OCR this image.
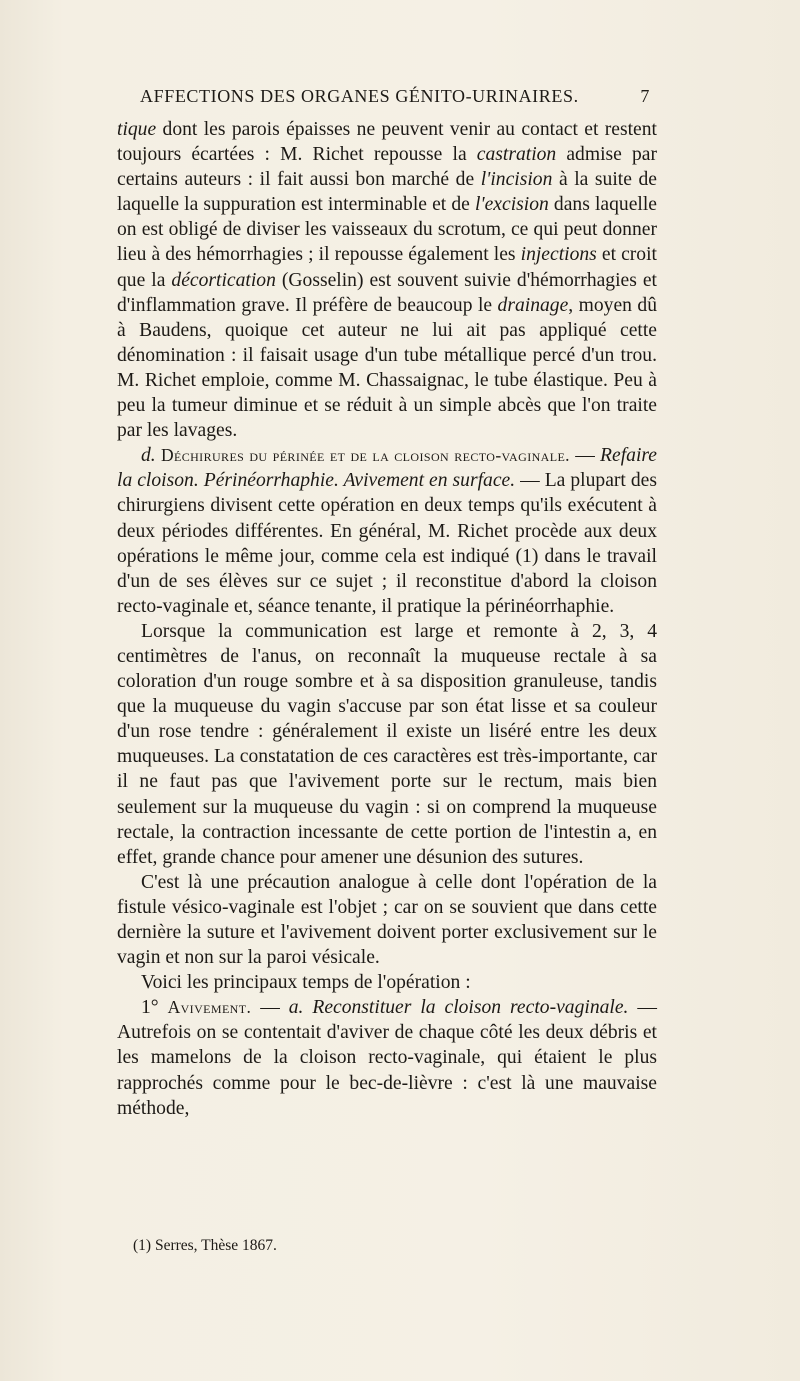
AFFECTIONS DES ORGANES GÉNITO-URINAIRES.	7

tique dont les parois épaisses ne peuvent venir au contact et restent toujours écartées : M. Richet repousse la castration admise par certains auteurs : il fait aussi bon marché de l'incision à la suite de laquelle la suppuration est interminable et de l'excision dans laquelle on est obligé de diviser les vaisseaux du scrotum, ce qui peut donner lieu à des hémorrhagies ; il repousse également les injections et croit que la décortication (Gosselin) est souvent suivie d'hémorrhagies et d'inflammation grave. Il préfère de beaucoup le drainage, moyen dû à Baudens, quoique cet auteur ne lui ait pas appliqué cette dénomination : il faisait usage d'un tube métallique percé d'un trou. M. Richet emploie, comme M. Chassaignac, le tube élastique. Peu à peu la tumeur diminue et se réduit à un simple abcès que l'on traite par les lavages.

d. Déchirures du périnée et de la cloison recto-vaginale. — Refaire la cloison. Périnéorrhaphie. Avivement en surface. — La plupart des chirurgiens divisent cette opération en deux temps qu'ils exécutent à deux périodes différentes. En général, M. Richet procède aux deux opérations le même jour, comme cela est indiqué (1) dans le travail d'un de ses élèves sur ce sujet ; il reconstitue d'abord la cloison recto-vaginale et, séance tenante, il pratique la périnéorrhaphie.

Lorsque la communication est large et remonte à 2, 3, 4 centimètres de l'anus, on reconnaît la muqueuse rectale à sa coloration d'un rouge sombre et à sa disposition granuleuse, tandis que la muqueuse du vagin s'accuse par son état lisse et sa couleur d'un rose tendre : généralement il existe un liséré entre les deux muqueuses. La constatation de ces caractères est très-importante, car il ne faut pas que l'avivement porte sur le rectum, mais bien seulement sur la muqueuse du vagin : si on comprend la muqueuse rectale, la contraction incessante de cette portion de l'intestin a, en effet, grande chance pour amener une désunion des sutures.

C'est là une précaution analogue à celle dont l'opération de la fistule vésico-vaginale est l'objet ; car on se souvient que dans cette dernière la suture et l'avivement doivent porter exclusivement sur le vagin et non sur la paroi vésicale.

Voici les principaux temps de l'opération :

1° Avivement. — a. Reconstituer la cloison recto-vaginale. — Autrefois on se contentait d'aviver de chaque côté les deux débris et les mamelons de la cloison recto-vaginale, qui étaient le plus rapprochés comme pour le bec-de-lièvre : c'est là une mauvaise méthode,

(1) Serres, Thèse 1867.
